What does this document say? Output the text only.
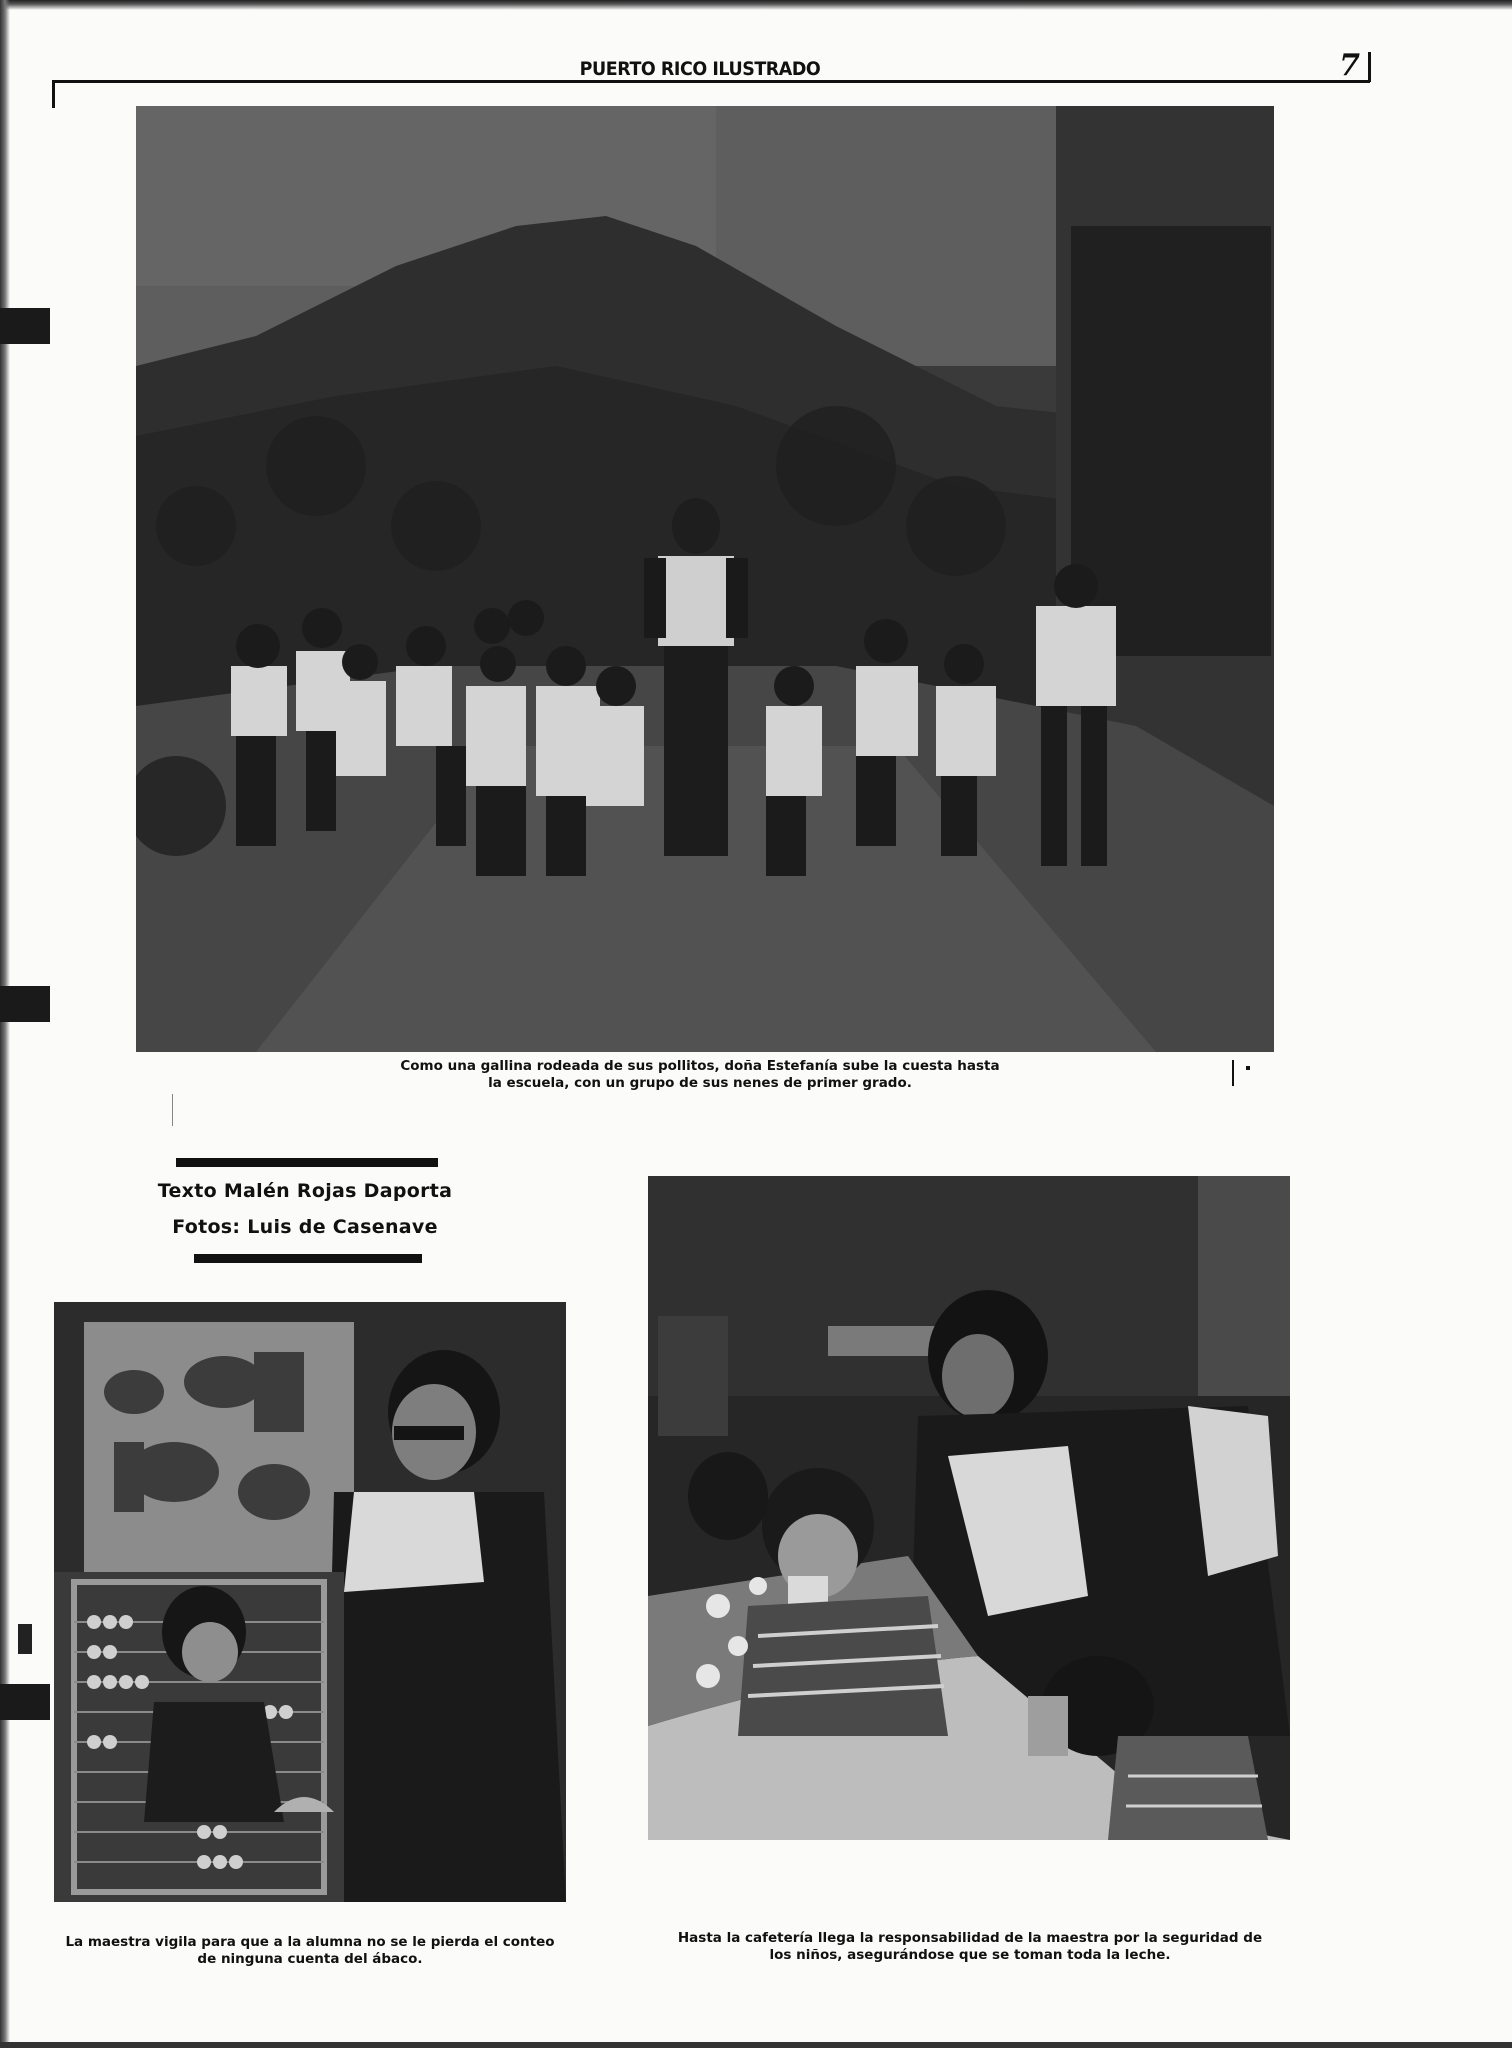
PUERTO RICO ILUSTRADO	7
Como una gallina rodeada de sus pollitos, doña Estefanía sube la cuesta hasta
la escuela, con un grupo de sus nenes de primer grado.
Texto Malén Rojas Daporta
Fotos: Luis de Casenave
La maestra vigila para que a la alumna no se le pierda el conteo
de ninguna cuenta del ábaco.
Hasta la cafetería llega la responsabilidad de la maestra por la seguridad de
los niños, asegurándose que se toman toda la leche.
